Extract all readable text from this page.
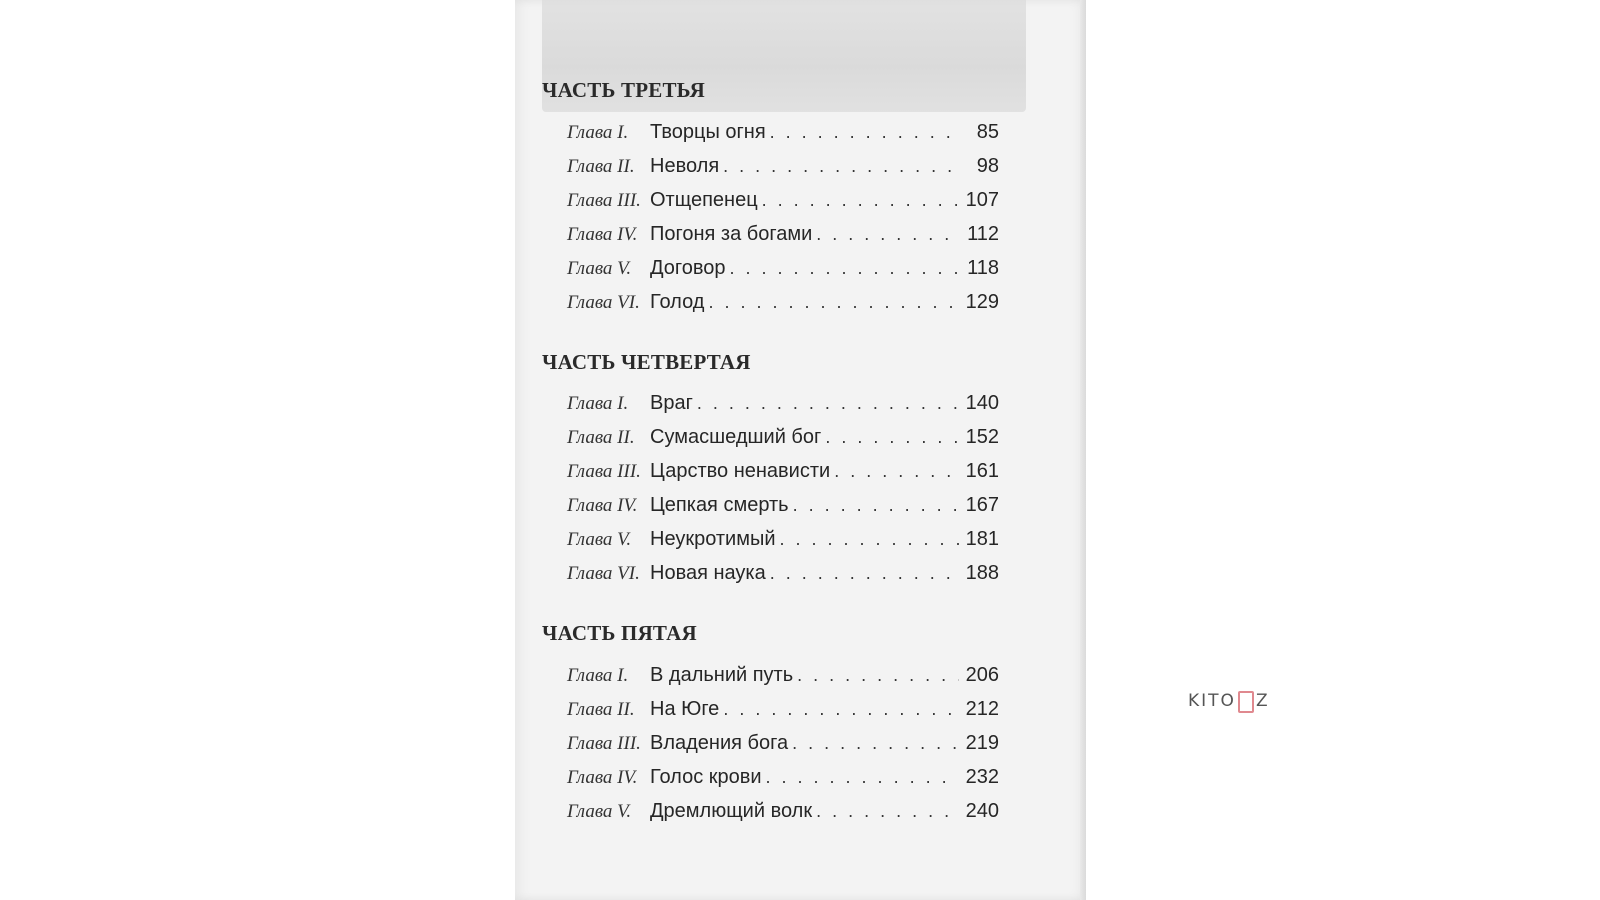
ЧАСТЬ ТРЕТЬЯ
Глава I.	Творцы огня . . .	85
Глава II. Неволя . . .	98
Глава III. Отщепенец . . .	107
Глава IV. Погоня за богами . . .	112
Глава V. Договор . . .	118
Глава VI. Голод . . .	129
ЧАСТЬ ЧЕТВЕРТАЯ
Глава I.	Враг . . .	140
Глава II. Сумасшедший бог . . .	152
Глава III. Царство ненависти . . .	161
Глава IV. Цепкая смерть . . .	167
Глава V. Неукротимый . . .	181
Глава VI. Новая наука . . .	188
ЧАСТЬ ПЯТАЯ
Глава I.	В дальний путь . . .	206
Глава II. На Юге . . .	212
Глава III. Владения бога . . .	219
Глава IV. Голос крови . . .	232
Глава V. Дремлющий волк . . .	240
KITO Z
